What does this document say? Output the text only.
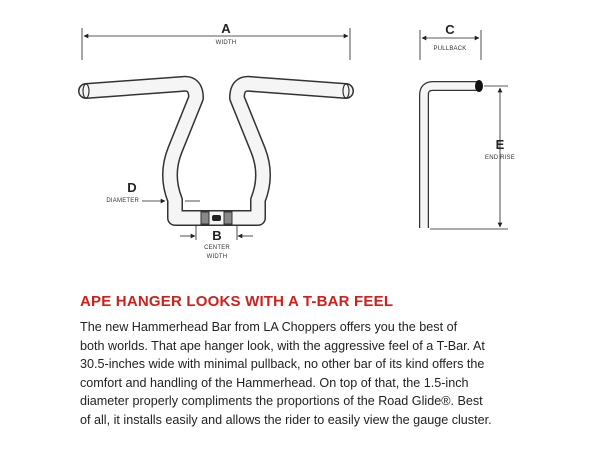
A
WIDTH
B
CENTER
WIDTH
D
DIAMETER
C
PULLBACK
E
END RISE
APE HANGER LOOKS WITH A T-BAR FEEL
The new Hammerhead Bar from LA Choppers offers you the best of
both worlds. That ape hanger look, with the aggressive feel of a T-Bar. At
30.5-inches wide with minimal pullback, no other bar of its kind offers the
comfort and handling of the Hammerhead. On top of that, the 1.5-inch
diameter properly compliments the proportions of the Road Glide®. Best
of all, it installs easily and allows the rider to easily view the gauge cluster.
